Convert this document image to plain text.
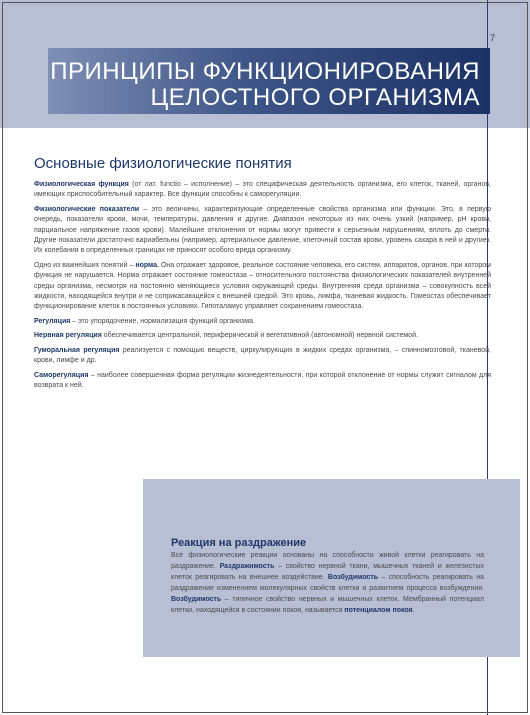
7
ПРИНЦИПЫ ФУНКЦИОНИРОВАНИЯ
ЦЕЛОСТНОГО ОРГАНИЗМА
Основные физиологические понятия

Физиологическая функция (от лат. functio – исполнение) – это специфическая деятельность организма, его клеток, тканей, органов, имеющих приспособительный характер. Все функции способны к саморегуляции.

Физиологические показатели – это величины, характеризующие определенные свойства организма или функции. Это, в первую очередь, показатели крови, мочи, температуры, давления и другие. Диапазон некоторых из них очень узкий (например, рН крови, парциальное напряжение газов крови). Малейшие отклонения от нормы могут привести к серьезным нарушениям, вплоть до смерти. Другие показатели достаточно вариабельны (например, артериальное давление, клеточный состав крови, уровень сахара в ней и другие). Их колебания в определенных границах не приносят особого вреда организму.

Одно из важнейших понятий – норма. Она отражает здоровое, реальное состояние человека, его систем, аппаратов, органов, при котором функция не нарушается. Норма отражает состояние гомеостаза – относительного постоянства физиологических показателей внутренней среды организма, несмотря на постоянно меняющиеся условия окружающей среды. Внутренняя среда организма – совокупность всей жидкости, находящейся внутри и не соприкасающейся с внешней средой. Это кровь, лимфа, тканевая жидкость. Гомеостаз обеспечивает функционирование клеток в постоянных условиях. Гипоталамус управляет сохранением гомеостаза.

Регуляция – это упорядочение, нормализация функций организма.

Нервная регуляция обеспечивается центральной, периферической и вегетативной (автономной) нервной системой.

Гуморальная регуляция реализуется с помощью веществ, циркулирующих в жидких средах организма, – спинномозговой, тканевой, крови, лимфе и др.

Саморегуляция – наиболее совершенная форма регуляции жизнедеятельности, при которой отклонение от нормы служит сигналом для возврата к ней.

Реакция на раздражение
Все физиологические реакции основаны на способности живой клетки реагировать на раздражение. Раздражимость – свойство нервной ткани, мышечных тканей и железистых клеток реагировать на внешнее воздействие. Возбудимость – способность реагировать на раздражение изменением молекулярных свойств клетки и развитием процесса возбуждения. Возбудимость – типичное свойство нервных и мышечных клеток. Мембранный потенциал клетки, находящейся в состоянии покоя, называется потенциалом покоя.
